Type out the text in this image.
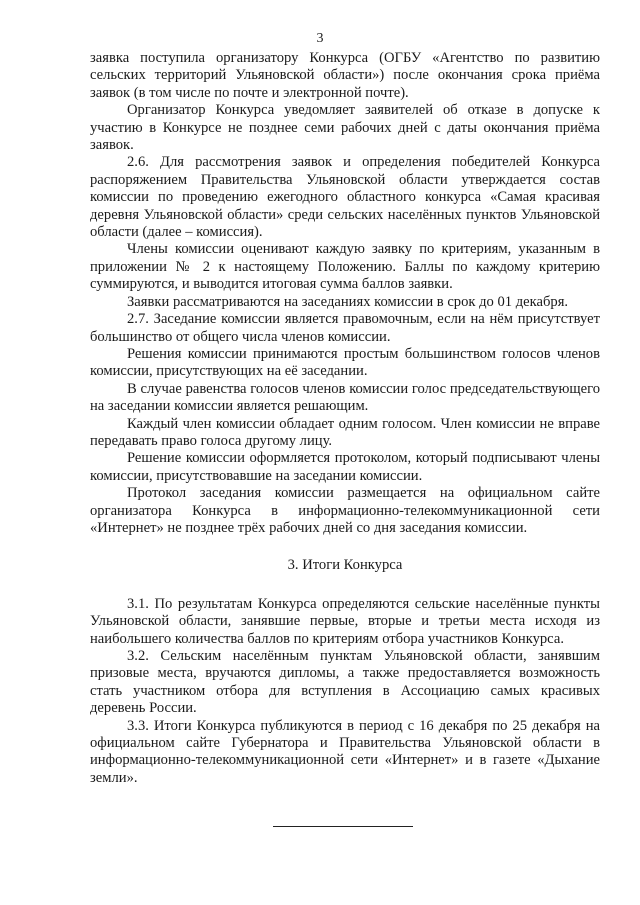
3

заявка поступила организатору Конкурса (ОГБУ «Агентство по развитию сельских территорий Ульяновской области») после окончания срока приёма заявок (в том числе по почте и электронной почте).

Организатор Конкурса уведомляет заявителей об отказе в допуске к участию в Конкурсе не позднее семи рабочих дней с даты окончания приёма заявок.

2.6. Для рассмотрения заявок и определения победителей Конкурса распоряжением Правительства Ульяновской области утверждается состав комиссии по проведению ежегодного областного конкурса «Самая красивая деревня Ульяновской области» среди сельских населённых пунктов Ульяновской области (далее – комиссия).

Члены комиссии оценивают каждую заявку по критериям, указанным в приложении № 2 к настоящему Положению. Баллы по каждому критерию суммируются, и выводится итоговая сумма баллов заявки.

Заявки рассматриваются на заседаниях комиссии в срок до 01 декабря.

2.7. Заседание комиссии является правомочным, если на нём присутствует большинство от общего числа членов комиссии.

Решения комиссии принимаются простым большинством голосов членов комиссии, присутствующих на её заседании.

В случае равенства голосов членов комиссии голос председательствующего на заседании комиссии является решающим.

Каждый член комиссии обладает одним голосом. Член комиссии не вправе передавать право голоса другому лицу.

Решение комиссии оформляется протоколом, который подписывают члены комиссии, присутствовавшие на заседании комиссии.

Протокол заседания комиссии размещается на официальном сайте организатора Конкурса в информационно-телекоммуникационной сети «Интернет» не позднее трёх рабочих дней со дня заседания комиссии.

3. Итоги Конкурса

3.1. По результатам Конкурса определяются сельские населённые пункты Ульяновской области, занявшие первые, вторые и третьи места исходя из наибольшего количества баллов по критериям отбора участников Конкурса.

3.2. Сельским населённым пунктам Ульяновской области, занявшим призовые места, вручаются дипломы, а также предоставляется возможность стать участником отбора для вступления в Ассоциацию самых красивых деревень России.

3.3. Итоги Конкурса публикуются в период с 16 декабря по 25 декабря на официальном сайте Губернатора и Правительства Ульяновской области в информационно-телекоммуникационной сети «Интернет» и в газете «Дыхание земли».
